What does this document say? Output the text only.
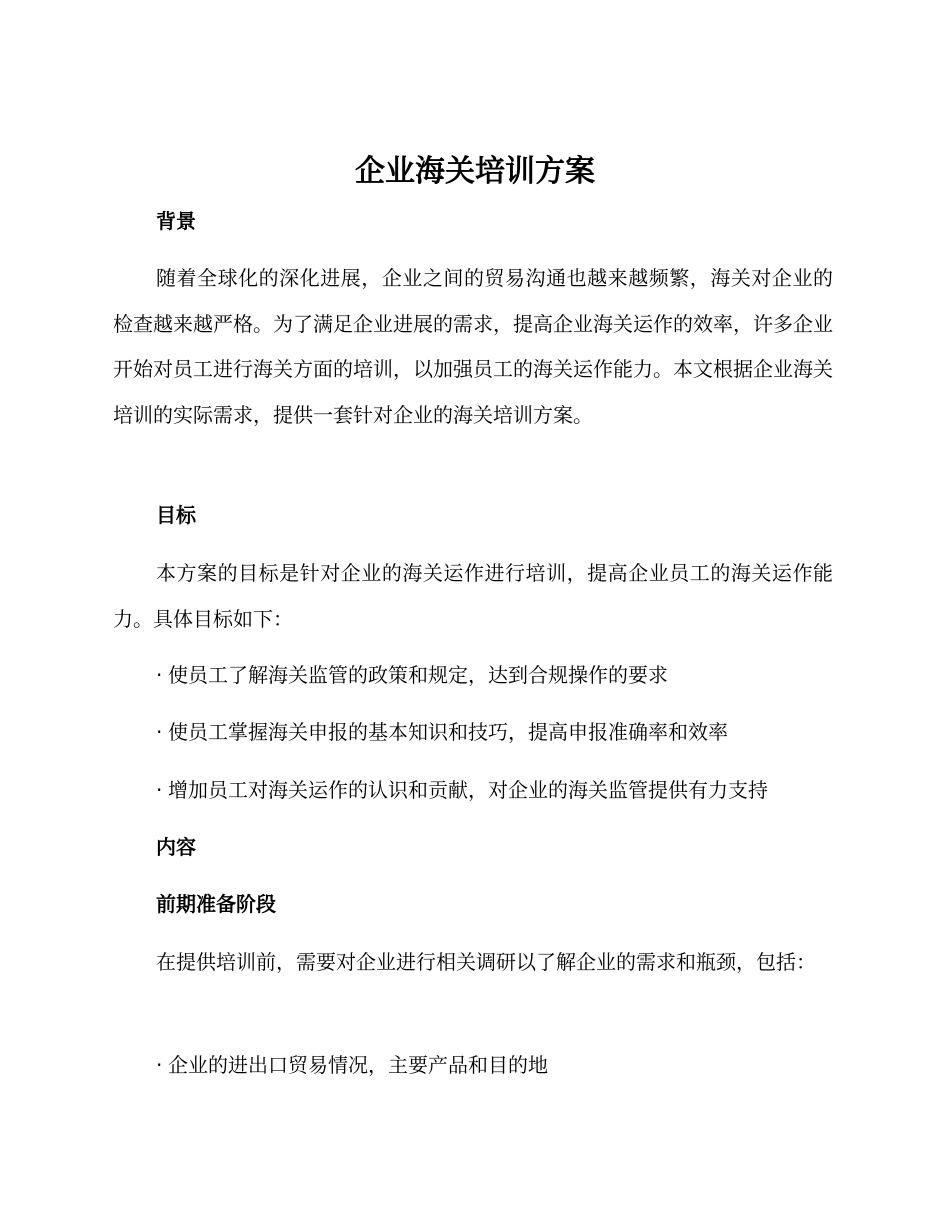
企业海关培训方案
背景

随着全球化的深化进展，企业之间的贸易沟通也越来越频繁，海关对企业的检查越来越严格。为了满足企业进展的需求，提高企业海关运作的效率，许多企业开始对员工进行海关方面的培训，以加强员工的海关运作能力。本文根据企业海关培训的实际需求，提供一套针对企业的海关培训方案。

目标

本方案的目标是针对企业的海关运作进行培训，提高企业员工的海关运作能力。具体目标如下：

· 使员工了解海关监管的政策和规定，达到合规操作的要求

· 使员工掌握海关申报的基本知识和技巧，提高申报准确率和效率

· 增加员工对海关运作的认识和贡献，对企业的海关监管提供有力支持

内容
前期准备阶段

在提供培训前，需要对企业进行相关调研以了解企业的需求和瓶颈，包括：

· 企业的进出口贸易情况，主要产品和目的地
